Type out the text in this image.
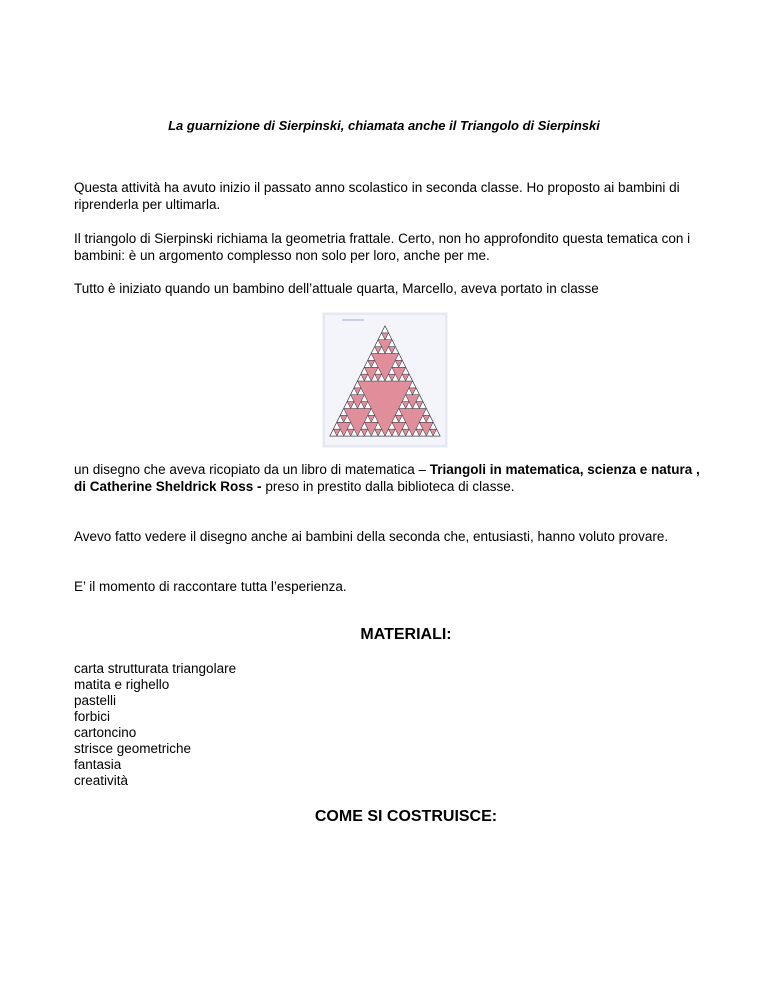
La guarnizione di Sierpinski, chiamata anche il Triangolo di Sierpinski

Questa attività ha avuto inizio il passato anno scolastico in seconda classe. Ho proposto ai bambini di riprenderla per ultimarla.

Il triangolo di Sierpinski richiama la geometria frattale. Certo, non ho approfondito questa tematica con i bambini: è un argomento complesso non solo per loro, anche per me.

Tutto è iniziato quando un bambino dell’attuale quarta, Marcello, aveva portato in classe

un disegno che aveva ricopiato da un libro di matematica – Triangoli in matematica, scienza e natura , di Catherine Sheldrick Ross - preso in prestito dalla biblioteca di classe.

Avevo fatto vedere il disegno anche ai bambini della seconda che, entusiasti, hanno voluto provare.

E’ il momento di raccontare tutta l’esperienza.

MATERIALI:
carta strutturata triangolare
matita e righello
pastelli
forbici
cartoncino
strisce geometriche
fantasia
creatività
COME SI COSTRUISCE:
